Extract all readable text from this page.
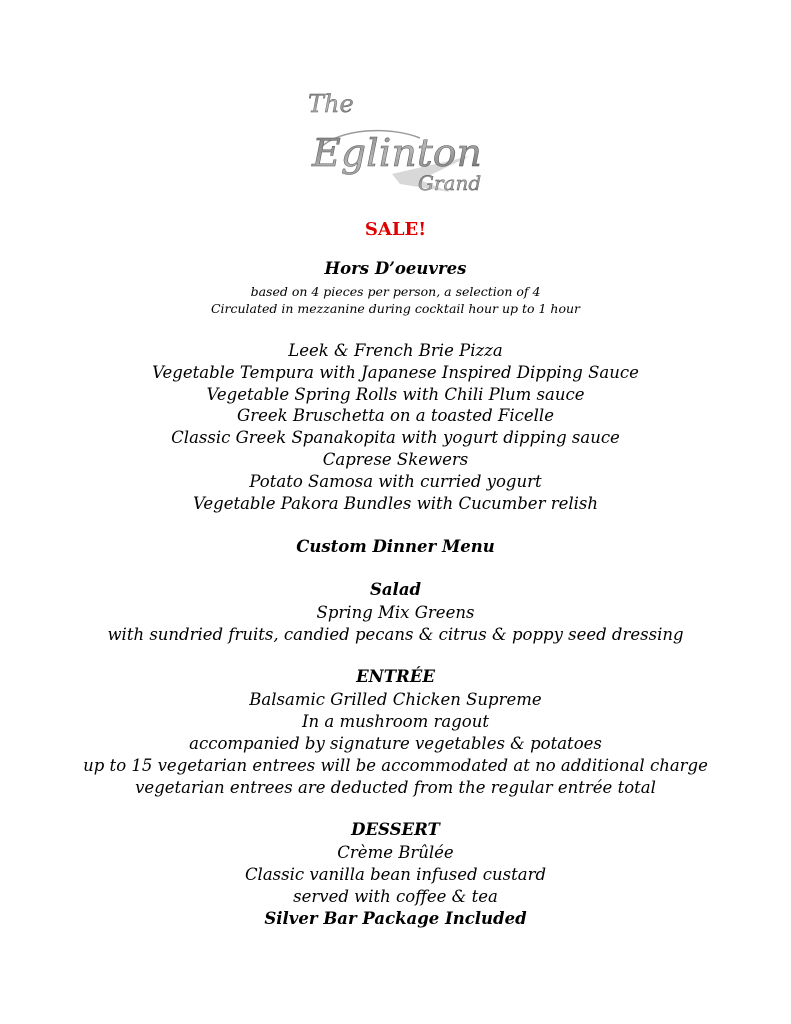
The
Eglinton
Grand
SALE!
Hors D’oeuvres
based on 4 pieces per person, a selection of 4
Circulated in mezzanine during cocktail hour up to 1 hour
Leek & French Brie Pizza
Vegetable Tempura with Japanese Inspired Dipping Sauce
Vegetable Spring Rolls with Chili Plum sauce
Greek Bruschetta on a toasted Ficelle
Classic Greek Spanakopita with yogurt dipping sauce
Caprese Skewers
Potato Samosa with curried yogurt
Vegetable Pakora Bundles with Cucumber relish
Custom Dinner Menu
Salad
Spring Mix Greens
with sundried fruits, candied pecans & citrus & poppy seed dressing
ENTRÉE
Balsamic Grilled Chicken Supreme
In a mushroom ragout
accompanied by signature vegetables & potatoes
up to 15 vegetarian entrees will be accommodated at no additional charge
vegetarian entrees are deducted from the regular entrée total
DESSERT
Crème Brûlée
Classic vanilla bean infused custard
served with coffee & tea
Silver Bar Package Included
